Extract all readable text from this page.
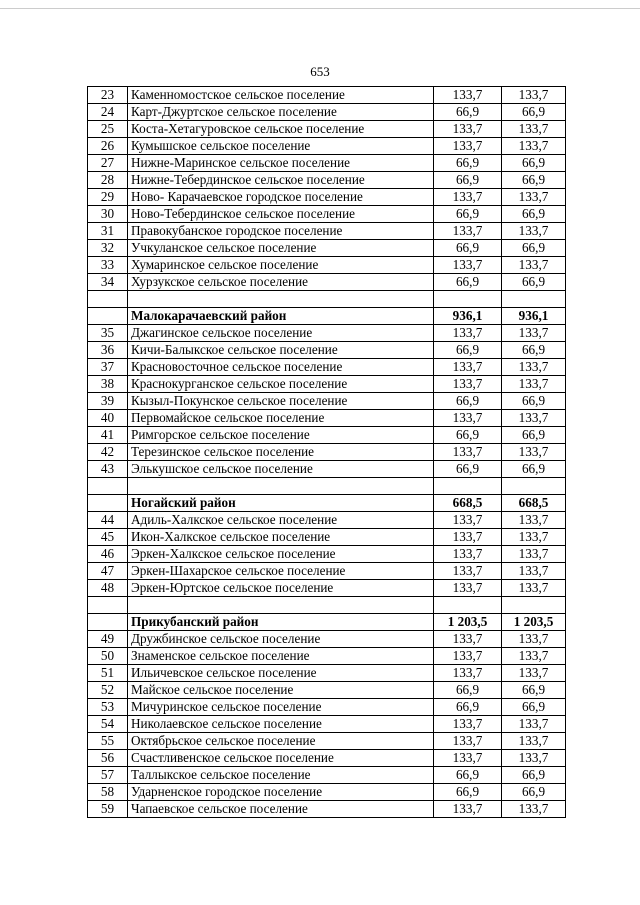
653
23	Каменномостское сельское поселение	133,7	133,7
24	Карт-Джуртское сельское поселение	66,9	66,9
25	Коста-Хетагуровское сельское поселение	133,7	133,7
26	Кумышское сельское поселение	133,7	133,7
27	Нижне-Маринское сельское поселение	66,9	66,9
28	Нижне-Тебердинское сельское поселение	66,9	66,9
29	Ново- Карачаевское городское поселение	133,7	133,7
30	Ново-Тебердинское сельское поселение	66,9	66,9
31	Правокубанское городское поселение	133,7	133,7
32	Учкуланское сельское поселение	66,9	66,9
33	Хумаринское сельское поселение	133,7	133,7
34	Хурзукское сельское поселение	66,9	66,9

	Малокарачаевский район	936,1	936,1
35	Джагинское сельское поселение	133,7	133,7
36	Кичи-Балыкское сельское поселение	66,9	66,9
37	Красновосточное сельское поселение	133,7	133,7
38	Краснокурганское сельское поселение	133,7	133,7
39	Кызыл-Покунское сельское поселение	66,9	66,9
40	Первомайское сельское поселение	133,7	133,7
41	Римгорское сельское поселение	66,9	66,9
42	Терезинское сельское поселение	133,7	133,7
43	Элькушское сельское поселение	66,9	66,9

	Ногайский район	668,5	668,5
44	Адиль-Халкское сельское поселение	133,7	133,7
45	Икон-Халкское сельское поселение	133,7	133,7
46	Эркен-Халкское сельское поселение	133,7	133,7
47	Эркен-Шахарское сельское поселение	133,7	133,7
48	Эркен-Юртское сельское поселение	133,7	133,7

	Прикубанский район	1 203,5	1 203,5
49	Дружбинское сельское поселение	133,7	133,7
50	Знаменское сельское поселение	133,7	133,7
51	Ильичевское сельское поселение	133,7	133,7
52	Майское сельское поселение	66,9	66,9
53	Мичуринское сельское поселение	66,9	66,9
54	Николаевское сельское поселение	133,7	133,7
55	Октябрьское сельское поселение	133,7	133,7
56	Счастливенское сельское поселение	133,7	133,7
57	Таллыкское сельское поселение	66,9	66,9
58	Ударненское городское поселение	66,9	66,9
59	Чапаевское сельское поселение	133,7	133,7
